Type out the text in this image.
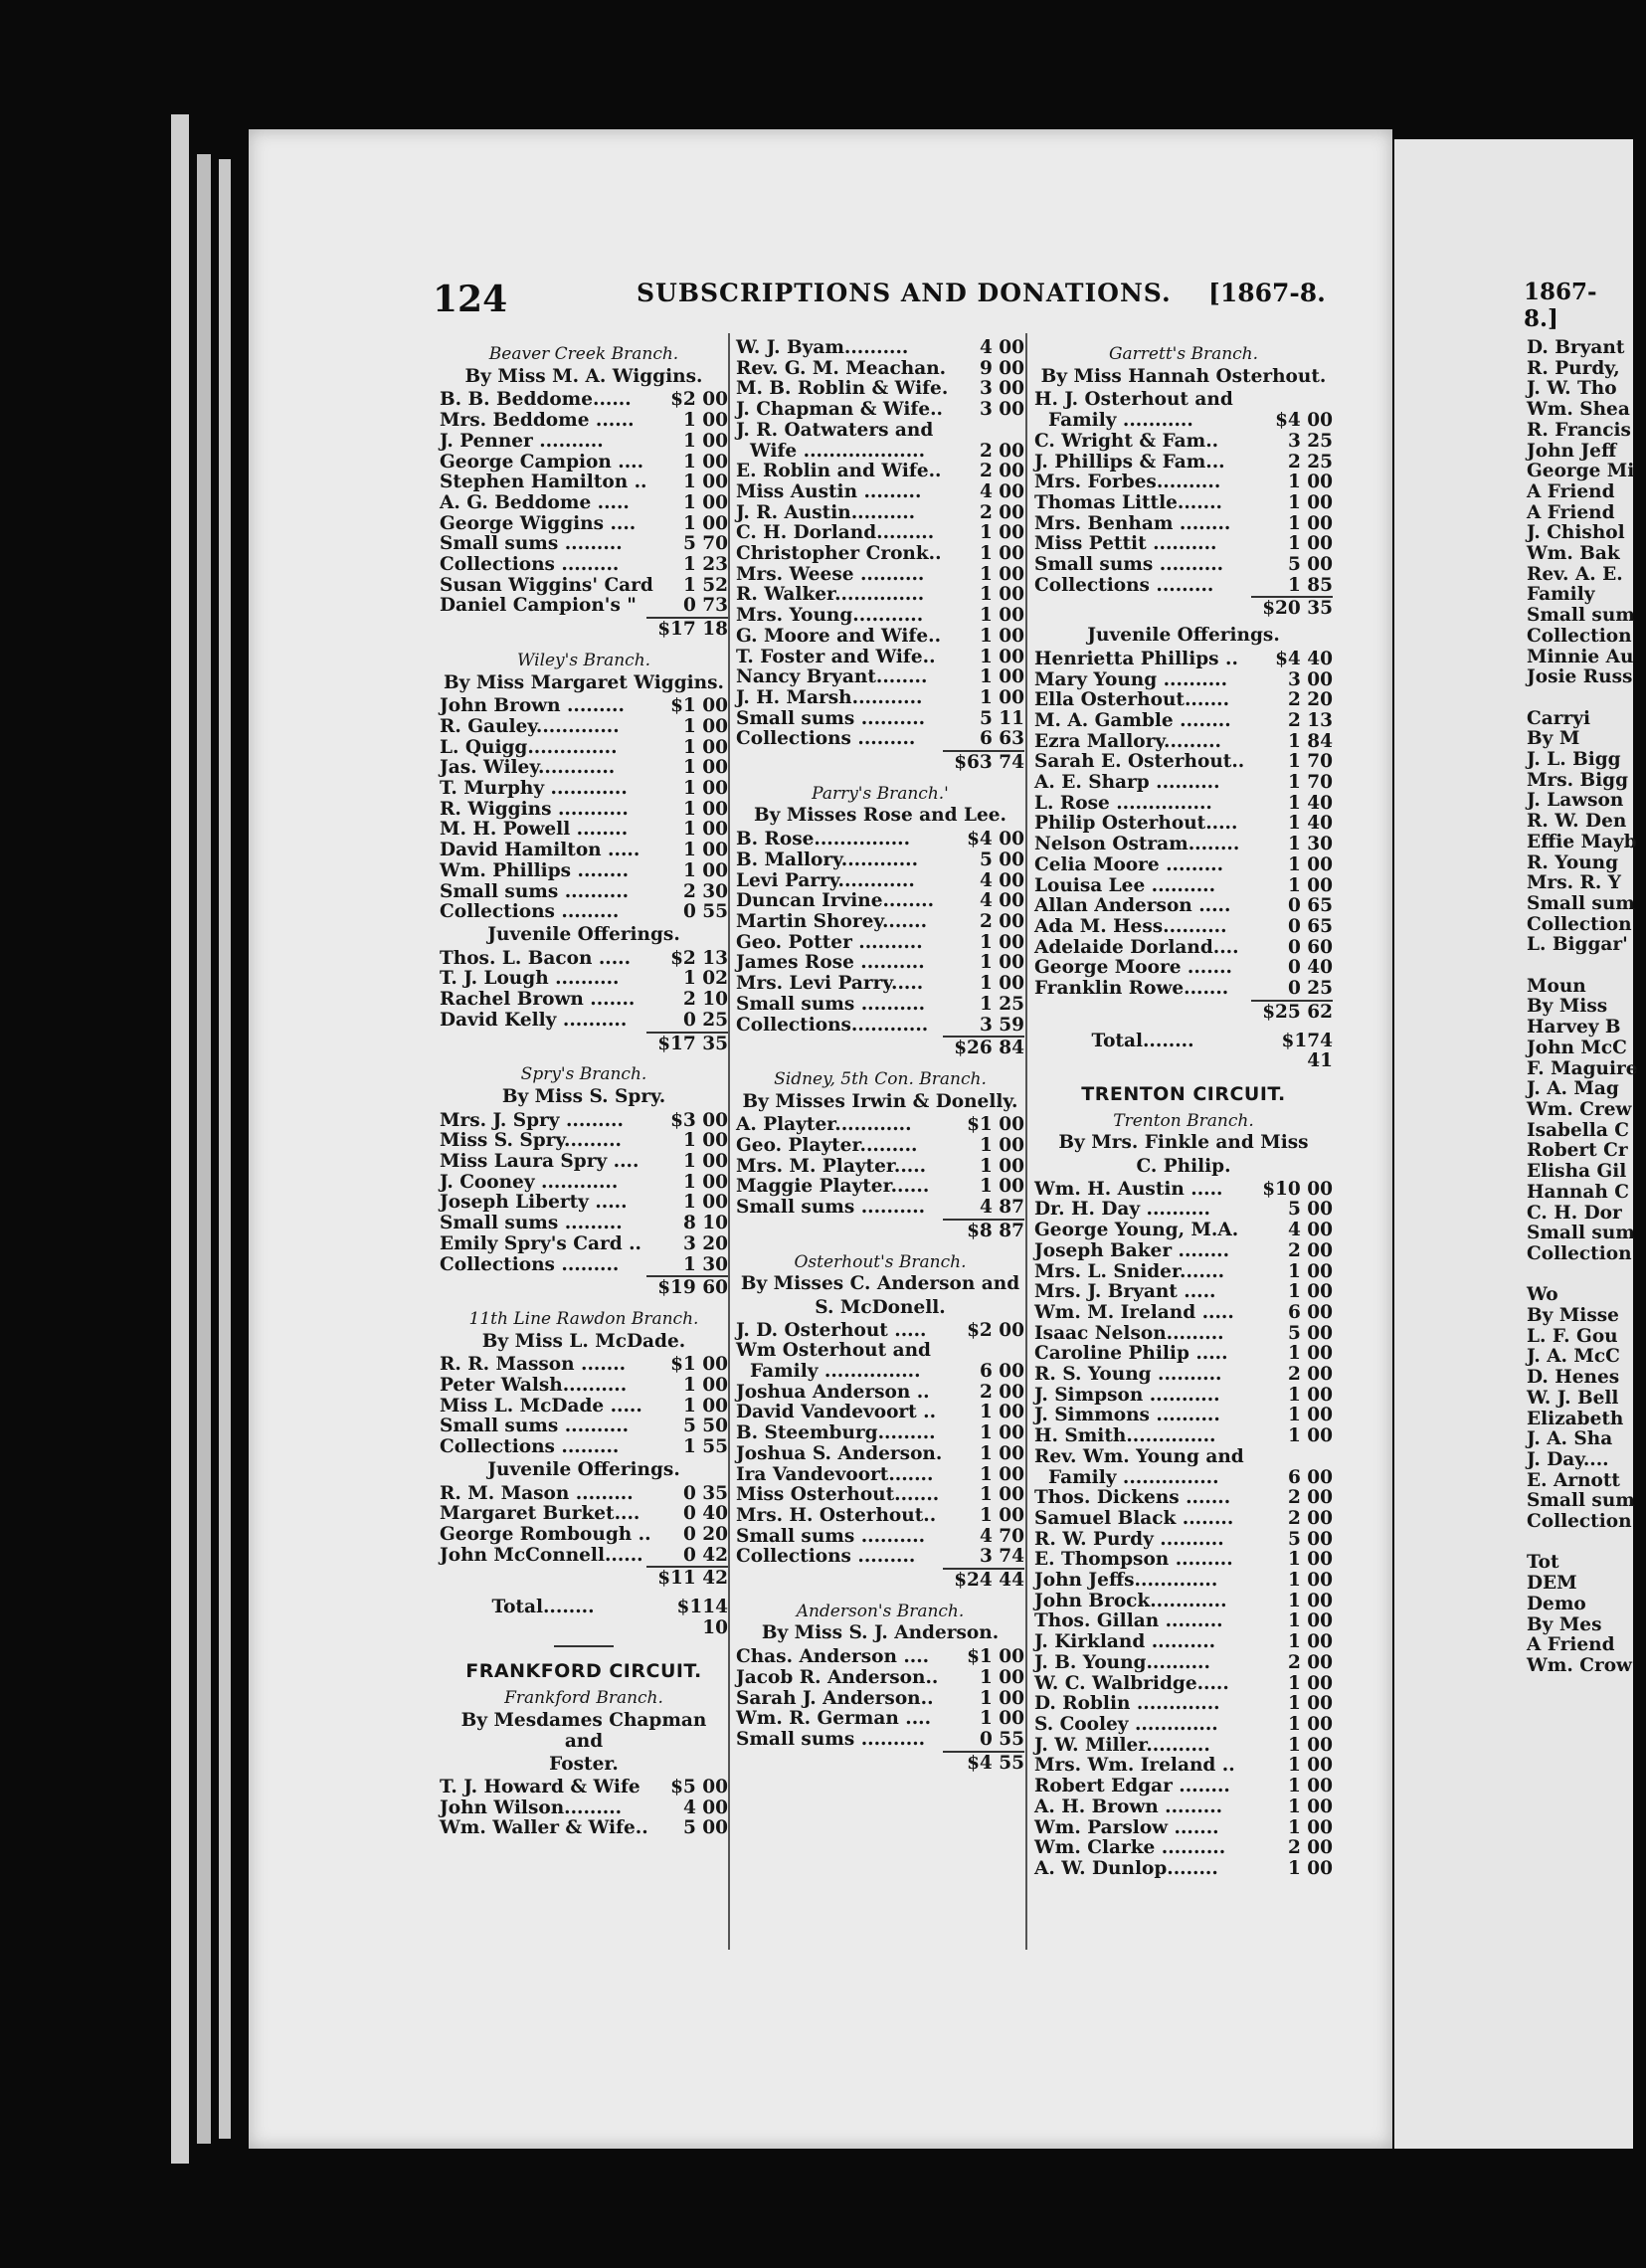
124	SUBSCRIPTIONS AND DONATIONS. [1867-8.	1867-8.]
Beaver Creek Branch.
By Miss M. A. Wiggins.
B. B. Beddome......	$2 00
Mrs. Beddome ......	1 00
J. Penner ..........	1 00
George Campion ....	1 00
Stephen Hamilton ..	1 00
A. G. Beddome .....	1 00
George Wiggins ....	1 00
Small sums .........	5 70
Collections .........	1 23
Susan Wiggins' Card	1 52
Daniel Campion's "	0 73
$17 18
Wiley's Branch.
By Miss Margaret Wiggins.
John Brown .........	$1 00
R. Gauley.............	1 00
L. Quigg..............	1 00
Jas. Wiley............	1 00
T. Murphy ............	1 00
R. Wiggins ...........	1 00
M. H. Powell ........	1 00
David Hamilton .....	1 00
Wm. Phillips ........	1 00
Small sums ..........	2 30
Collections .........	0 55
Juvenile Offerings.
Thos. L. Bacon .....	$2 13
T. J. Lough ..........	1 02
Rachel Brown .......	2 10
David Kelly ..........	0 25
$17 35
Spry's Branch.
By Miss S. Spry.
Mrs. J. Spry .........	$3 00
Miss S. Spry.........	1 00
Miss Laura Spry ....	1 00
J. Cooney ............	1 00
Joseph Liberty .....	1 00
Small sums .........	8 10
Emily Spry's Card ..	3 20
Collections .........	1 30
$19 60
11th Line Rawdon Branch.
By Miss L. McDade.
R. R. Masson .......	$1 00
Peter Walsh..........	1 00
Miss L. McDade .....	1 00
Small sums ..........	5 50
Collections .........	1 55
Juvenile Offerings.
R. M. Mason .........	0 35
Margaret Burket....	0 40
George Rombough ..	0 20
John McConnell......	0 42
$11 42
Total........	$114 10
FRANKFORD CIRCUIT.
Frankford Branch.
By Mesdames Chapman and
Foster.
T. J. Howard & Wife	$5 00
John Wilson.........	4 00
Wm. Waller & Wife..	5 00
W. J. Byam..........	4 00
Rev. G. M. Meachan.	9 00
M. B. Roblin & Wife.	3 00
J. Chapman & Wife..	3 00
J. R. Oatwaters and
Wife ...................	2 00
E. Roblin and Wife..	2 00
Miss Austin .........	4 00
J. R. Austin..........	2 00
C. H. Dorland.........	1 00
Christopher Cronk..	1 00
Mrs. Weese ..........	1 00
R. Walker..............	1 00
Mrs. Young...........	1 00
G. Moore and Wife..	1 00
T. Foster and Wife..	1 00
Nancy Bryant........	1 00
J. H. Marsh...........	1 00
Small sums ..........	5 11
Collections .........	6 63
$63 74
Parry's Branch.'
By Misses Rose and Lee.
B. Rose...............	$4 00
B. Mallory............	5 00
Levi Parry............	4 00
Duncan Irvine........	4 00
Martin Shorey.......	2 00
Geo. Potter ..........	1 00
James Rose ..........	1 00
Mrs. Levi Parry.....	1 00
Small sums ..........	1 25
Collections............	3 59
$26 84
Sidney, 5th Con. Branch.
By Misses Irwin & Donelly.
A. Playter............	$1 00
Geo. Playter.........	1 00
Mrs. M. Playter.....	1 00
Maggie Playter......	1 00
Small sums ..........	4 87
$8 87
Osterhout's Branch.
By Misses C. Anderson and
S. McDonell.
J. D. Osterhout .....	$2 00
Wm Osterhout and
Family ...............	6 00
Joshua Anderson ..	2 00
David Vandevoort ..	1 00
B. Steemburg.........	1 00
Joshua S. Anderson.	1 00
Ira Vandevoort.......	1 00
Miss Osterhout.......	1 00
Mrs. H. Osterhout..	1 00
Small sums ..........	4 70
Collections .........	3 74
$24 44
Anderson's Branch.
By Miss S. J. Anderson.
Chas. Anderson ....	$1 00
Jacob R. Anderson..	1 00
Sarah J. Anderson..	1 00
Wm. R. German ....	1 00
Small sums ..........	0 55
$4 55
Garrett's Branch.
By Miss Hannah Osterhout.
H. J. Osterhout and
Family ...........	$4 00
C. Wright & Fam..	3 25
J. Phillips & Fam...	2 25
Mrs. Forbes..........	1 00
Thomas Little.......	1 00
Mrs. Benham ........	1 00
Miss Pettit ..........	1 00
Small sums ..........	5 00
Collections .........	1 85
$20 35
Juvenile Offerings.
Henrietta Phillips ..	$4 40
Mary Young ..........	3 00
Ella Osterhout.......	2 20
M. A. Gamble ........	2 13
Ezra Mallory.........	1 84
Sarah E. Osterhout..	1 70
A. E. Sharp ..........	1 70
L. Rose ...............	1 40
Philip Osterhout.....	1 40
Nelson Ostram........	1 30
Celia Moore .........	1 00
Louisa Lee ..........	1 00
Allan Anderson .....	0 65
Ada M. Hess..........	0 65
Adelaide Dorland....	0 60
George Moore .......	0 40
Franklin Rowe.......	0 25
$25 62
Total........	$174 41
TRENTON CIRCUIT.
Trenton Branch.
By Mrs. Finkle and Miss
C. Philip.
Wm. H. Austin .....	$10 00
Dr. H. Day ..........	5 00
George Young, M.A.	4 00
Joseph Baker ........	2 00
Mrs. L. Snider.......	1 00
Mrs. J. Bryant .....	1 00
Wm. M. Ireland .....	6 00
Isaac Nelson.........	5 00
Caroline Philip .....	1 00
R. S. Young ..........	2 00
J. Simpson ...........	1 00
J. Simmons ..........	1 00
H. Smith..............	1 00
Rev. Wm. Young and
Family ...............	6 00
Thos. Dickens .......	2 00
Samuel Black ........	2 00
R. W. Purdy ..........	5 00
E. Thompson .........	1 00
John Jeffs.............	1 00
John Brock............	1 00
Thos. Gillan .........	1 00
J. Kirkland ..........	1 00
J. B. Young..........	2 00
W. C. Walbridge.....	1 00
D. Roblin .............	1 00
S. Cooley .............	1 00
J. W. Miller..........	1 00
Mrs. Wm. Ireland ..	1 00
Robert Edgar ........	1 00
A. H. Brown .........	1 00
Wm. Parslow .......	1 00
Wm. Clarke ..........	2 00
A. W. Dunlop........	1 00
D. Bryant
R. Purdy,
J. W. Tho
Wm. Shea
R. Francis
John Jeff
George Mi
A Friend
A Friend
J. Chishol
Wm. Bak
Rev. A. E.
Family
Small sum
Collection
Minnie Au
Josie Russ
Carryi
By M
J. L. Bigg
Mrs. Bigg
J. Lawson
R. W. Den
Effie Mayb
R. Young
Mrs. R. Y
Small sum
Collection
L. Biggar'
Moun
By Miss
Harvey B
John McC
F. Maguire
J. A. Mag
Wm. Crew
Isabella C
Robert Cr
Elisha Gil
Hannah C
C. H. Dor
Small sum
Collection
Wo
By Misse
L. F. Gou
J. A. McC
D. Henes
W. J. Bell
Elizabeth
J. A. Sha
J. Day....
E. Arnott
Small sum
Collection
Tot
DEM
Demo
By Mes
A Friend
Wm. Crow
